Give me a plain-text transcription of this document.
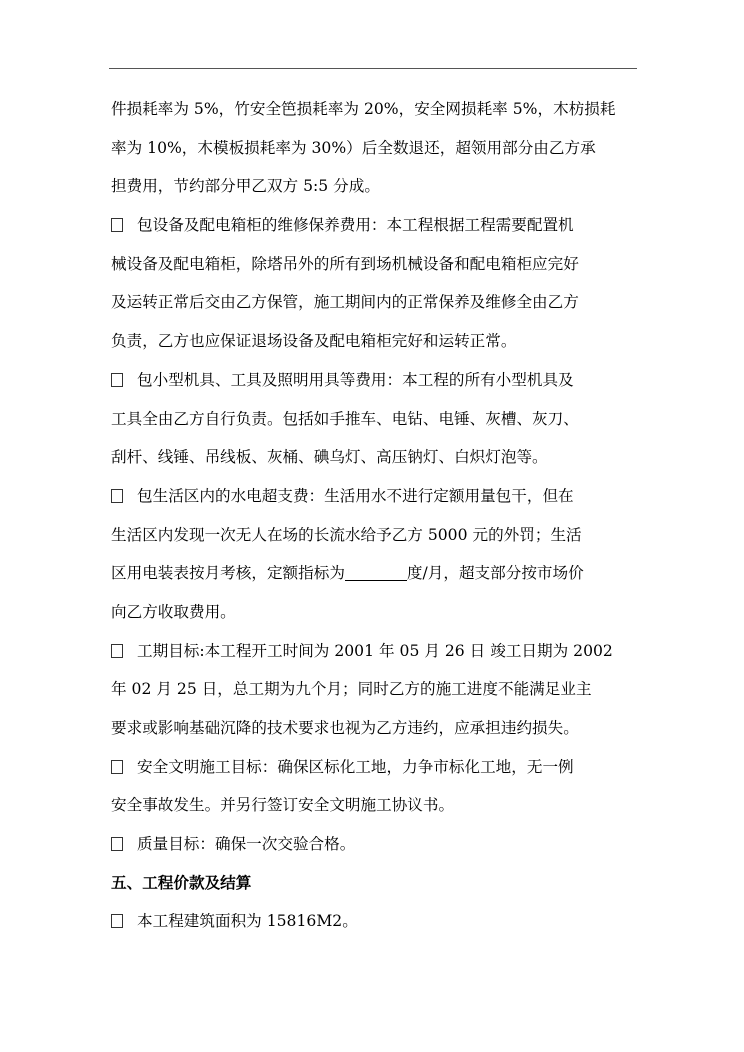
件损耗率为 5%，竹安全笆损耗率为 20%，安全网损耗率 5%，木枋损耗
率为 10%，木模板损耗率为 30%）后全数退还，超领用部分由乙方承
担费用，节约部分甲乙双方 5:5 分成。
包设备及配电箱柜的维修保养费用：本工程根据工程需要配置机
械设备及配电箱柜，除塔吊外的所有到场机械设备和配电箱柜应完好
及运转正常后交由乙方保管，施工期间内的正常保养及维修全由乙方
负责，乙方也应保证退场设备及配电箱柜完好和运转正常。
包小型机具、工具及照明用具等费用：本工程的所有小型机具及
工具全由乙方自行负责。包括如手推车、电钻、电锤、灰槽、灰刀、
刮杆、线锤、吊线板、灰桶、碘乌灯、高压钠灯、白炽灯泡等。
包生活区内的水电超支费：生活用水不进行定额用量包干，但在
生活区内发现一次无人在场的长流水给予乙方 5000 元的外罚；生活
区用电装表按月考核，定额指标为	度/月，超支部分按市场价
向乙方收取费用。
工期目标:本工程开工时间为 2001 年 05 月 26 日 竣工日期为 2002
年 02 月 25 日，总工期为九个月；同时乙方的施工进度不能满足业主
要求或影响基础沉降的技术要求也视为乙方违约，应承担违约损失。
安全文明施工目标：确保区标化工地，力争市标化工地，无一例
安全事故发生。并另行签订安全文明施工协议书。
质量目标：确保一次交验合格。
五、工程价款及结算
本工程建筑面积为 15816M2。
